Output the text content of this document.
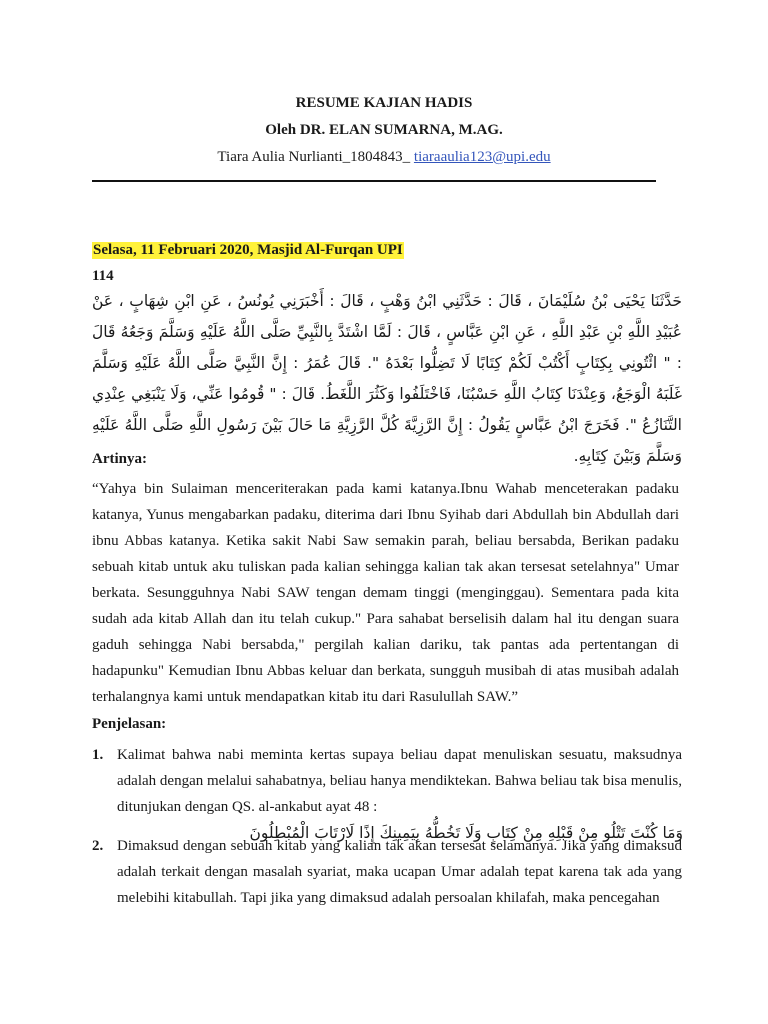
RESUME KAJIAN HADIS
Oleh DR. ELAN SUMARNA, M.AG.
Tiara Aulia Nurlianti_1804843_ tiaraaulia123@upi.edu
Selasa, 11 Februari 2020, Masjid Al-Furqan UPI
114
حَدَّثَنَا يَحْيَى بْنُ سُلَيْمَانَ ، قَالَ : حَدَّثَنِي ابْنُ وَهْبٍ ، قَالَ : أَخْبَرَنِي يُونُسُ ، عَنِ ابْنِ شِهَابٍ ، عَنْ عُبَيْدِ اللَّهِ بْنِ عَبْدِ اللَّهِ ، عَنِ ابْنِ عَبَّاسٍ ، قَالَ : لَمَّا اشْتَدَّ بِالنَّبِيِّ صَلَّى اللَّهُ عَلَيْهِ وَسَلَّمَ وَجَعُهُ قَالَ : " ائْتُونِي بِكِتَابٍ أَكْتُبْ لَكُمْ كِتَابًا لَا تَضِلُّوا بَعْدَهُ ". قَالَ عُمَرُ : إِنَّ النَّبِيَّ صَلَّى اللَّهُ عَلَيْهِ وَسَلَّمَ غَلَبَهُ الْوَجَعُ، وَعِنْدَنَا كِتَابُ اللَّهِ حَسْبُنَا، فَاخْتَلَفُوا وَكَثُرَ اللَّغَطُ. قَالَ : " قُومُوا عَنِّي، وَلَا يَنْبَغِي عِنْدِي التَّنَازُعُ ". فَخَرَجَ ابْنُ عَبَّاسٍ يَقُولُ : إِنَّ الرَّزِيَّةَ كُلَّ الرَّزِيَّةِ مَا حَالَ بَيْنَ رَسُولِ اللَّهِ صَلَّى اللَّهُ عَلَيْهِ وَسَلَّمَ وَبَيْنَ كِتَابِهِ.
Artinya:

“Yahya bin Sulaiman menceriterakan pada kami katanya.Ibnu Wahab menceterakan padaku katanya, Yunus mengabarkan padaku, diterima dari Ibnu Syihab dari Abdullah bin Abdullah dari ibnu Abbas katanya. Ketika sakit Nabi Saw semakin parah, beliau bersabda, Berikan padaku sebuah kitab untuk aku tuliskan pada kalian sehingga kalian tak akan tersesat setelahnya" Umar berkata. Sesungguhnya Nabi SAW tengan demam tinggi (menginggau). Sementara pada kita sudah ada kitab Allah dan itu telah cukup." Para sahabat berselisih dalam hal itu dengan suara gaduh sehingga Nabi bersabda," pergilah kalian dariku, tak pantas ada pertentangan di hadapunku" Kemudian Ibnu Abbas keluar dan berkata, sungguh musibah di atas musibah adalah terhalangnya kami untuk mendapatkan kitab itu dari Rasulullah SAW.”

Penjelasan:
1. Kalimat bahwa nabi meminta kertas supaya beliau dapat menuliskan sesuatu, maksudnya adalah dengan melalui sahabatnya, beliau hanya mendiktekan. Bahwa beliau tak bisa menulis, ditunjukan dengan QS. al-ankabut ayat 48 :
وَمَا كُنْتَ تَتْلُو مِنْ قَبْلِهِ مِنْ كِتَابٍ وَلَا تَخُطُّهُ بِيَمِينِكَ إِذًا لَارْتَابَ الْمُبْطِلُونَ
2. Dimaksud dengan sebuah kitab yang kalian tak akan tersesat selamanya. Jika yang dimaksud adalah terkait dengan masalah syariat, maka ucapan Umar adalah tepat karena tak ada yang melebihi kitabullah. Tapi jika yang dimaksud adalah persoalan khilafah, maka pencegahan
